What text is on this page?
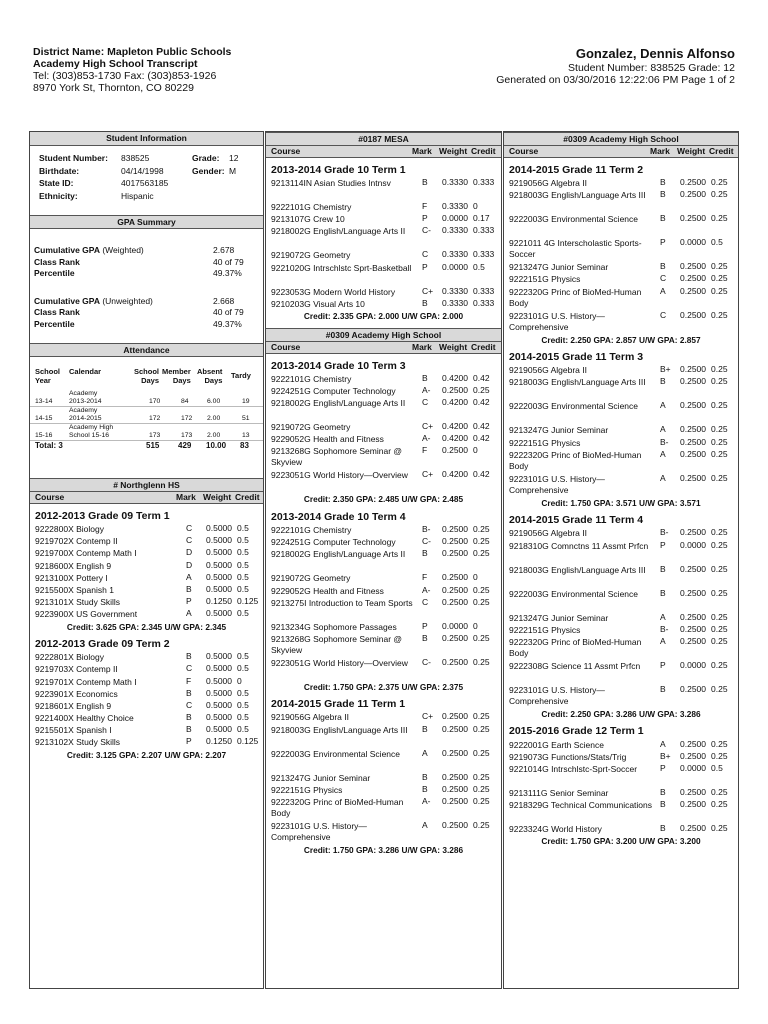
District Name: Mapleton Public Schools
Academy High School Transcript
Tel: (303)853-1730 Fax: (303)853-1926
8970 York St, Thornton, CO 80229
Gonzalez, Dennis Alfonso
Student Number: 838525 Grade: 12
Generated on 03/30/2016 12:22:06 PM Page 1 of 2
Student Information
Student Number: 838525	Grade: 12
Birthdate:	04/14/1998	Gender: M
State ID:	4017563185
Ethnicity:	Hispanic
GPA Summary
Cumulative GPA (Weighted)	2.678
Class Rank	40 of 79
Percentile	49.37%
Cumulative GPA (Unweighted)	2.668
Class Rank	40 of 79
Percentile	49.37%
Attendance
School
Year
Calendar	School
Days
Member
Days
Absent
Days
Tardy
13-14
Academy
2013-2014	170	84	6.00	19
14-15
Academy
2014-2015	172	172 2.00	51
15-16
Academy High
School 15-16	173	173 2.00	13
Total: 3	515 429 10.00 83
# Northglenn HS
Course	Mark Weight Credit
2012-2013 Grade 09 Term 1
9222800X Biology	C 0.5000 0.5
9219702X Contemp II	C 0.5000 0.5
9219700X Contemp Math I	D 0.5000 0.5
9218600X English 9	D 0.5000 0.5
9213100X Pottery I	A 0.5000 0.5
9215500X Spanish 1	B 0.5000 0.5
9213101X Study Skills	P 0.1250 0.125
9223900X US Government	A 0.5000 0.5
Credit: 3.625 GPA: 2.345 U/W GPA: 2.345
2012-2013 Grade 09 Term 2
9222801X Biology	B 0.5000 0.5
9219703X Contemp II	C 0.5000 0.5
9219701X Contemp Math I	F 0.5000 0
9223901X Economics	B 0.5000 0.5
9218601X English 9	C 0.5000 0.5
9221400X Healthy Choice	B 0.5000 0.5
9215501X Spanish I	B 0.5000 0.5
9213102X Study Skills	P 0.1250 0.125
Credit: 3.125 GPA: 2.207 U/W GPA: 2.207
#0187 MESA
Course	Mark Weight Credit
2013-2014 Grade 10 Term 1
9213114IN Asian Studies Intnsv	B 0.3330 0.333
9222101G Chemistry	F 0.3330 0
9213107G Crew 10	P 0.0000 0.17
9218002G English/Language Arts II	C- 0.3330 0.333
9219072G Geometry	C 0.3330 0.333
9221020G Intrschlstc Sprt-Basketball	P 0.0000 0.5
9223053G Modern World History	C+ 0.3330 0.333
9210203G Visual Arts 10	B 0.3330 0.333
Credit: 2.335 GPA: 2.000 U/W GPA: 2.000
#0309 Academy High School
Course	Mark Weight Credit
2013-2014 Grade 10 Term 3
9222101G Chemistry	B 0.4200 0.42
9224251G Computer Technology	A- 0.2500 0.25
9218002G English/Language Arts II	C 0.4200 0.42
9219072G Geometry	C+ 0.4200 0.42
9229052G Health and Fitness	A- 0.4200 0.42
9213268G Sophomore Seminar @ Skyview
F 0.2500 0
9223051G World History—Overview	C+ 0.4200 0.42
Credit: 2.350 GPA: 2.485 U/W GPA: 2.485
2013-2014 Grade 10 Term 4
9222101G Chemistry	B- 0.2500 0.25
9224251G Computer Technology	C- 0.2500 0.25
9218002G English/Language Arts II	B 0.2500 0.25
9219072G Geometry	F 0.2500 0
9229052G Health and Fitness	A- 0.2500 0.25
9213275I Introduction to Team Sports	C 0.2500 0.25
9213234G Sophomore Passages	P 0.0000 0
9213268G Sophomore Seminar @ Skyview
B 0.2500 0.25
9223051G World History—Overview	C- 0.2500 0.25
Credit: 1.750 GPA: 2.375 U/W GPA: 2.375
2014-2015 Grade 11 Term 1
9219056G Algebra II	C+ 0.2500 0.25
9218003G English/Language Arts III	B 0.2500 0.25
9222003G Environmental Science	A 0.2500 0.25
9213247G Junior Seminar	B 0.2500 0.25
9222151G Physics	B 0.2500 0.25
9222320G Princ of BioMed-Human Body
A- 0.2500 0.25
9223101G U.S. History—Comprehensive
A 0.2500 0.25
Credit: 1.750 GPA: 3.286 U/W GPA: 3.286
#0309 Academy High School
Course	Mark Weight Credit
2014-2015 Grade 11 Term 2
9219056G Algebra II	B 0.2500 0.25
9218003G English/Language Arts III	B 0.2500 0.25
9222003G Environmental Science	B 0.2500 0.25
9221011 4G Interscholastic Sports-Soccer
P 0.0000 0.5
9213247G Junior Seminar	B 0.2500 0.25
9222151G Physics	C 0.2500 0.25
9222320G Princ of BioMed-Human Body
A 0.2500 0.25
9223101G U.S. History—Comprehensive
C 0.2500 0.25
Credit: 2.250 GPA: 2.857 U/W GPA: 2.857
2014-2015 Grade 11 Term 3
9219056G Algebra II	B+ 0.2500 0.25
9218003G English/Language Arts III	B 0.2500 0.25
9222003G Environmental Science	A 0.2500 0.25
9213247G Junior Seminar	A 0.2500 0.25
9222151G Physics	B- 0.2500 0.25
9222320G Princ of BioMed-Human Body
A 0.2500 0.25
9223101G U.S. History—Comprehensive
A 0.2500 0.25
Credit: 1.750 GPA: 3.571 U/W GPA: 3.571
2014-2015 Grade 11 Term 4
9219056G Algebra II	B- 0.2500 0.25
9218310G Comnctns 11 Assmt Prfcn	P 0.0000 0.25
9218003G English/Language Arts III	B 0.2500 0.25
9222003G Environmental Science	B 0.2500 0.25
9213247G Junior Seminar	A 0.2500 0.25
9222151G Physics	B- 0.2500 0.25
9222320G Princ of BioMed-Human Body
A 0.2500 0.25
9222308G Science 11 Assmt Prfcn	P 0.0000 0.25
9223101G U.S. History—Comprehensive
B 0.2500 0.25
Credit: 2.250 GPA: 3.286 U/W GPA: 3.286
2015-2016 Grade 12 Term 1
9222001G Earth Science	A 0.2500 0.25
9219073G Functions/Stats/Trig	B+ 0.2500 0.25
9221014G Intrschlstc-Sprt-Soccer	P 0.0000 0.5
9213111G Senior Seminar	B 0.2500 0.25
9218329G Technical Communications B 0.2500 0.25
9223324G World History	B 0.2500 0.25
Credit: 1.750 GPA: 3.200 U/W GPA: 3.200
